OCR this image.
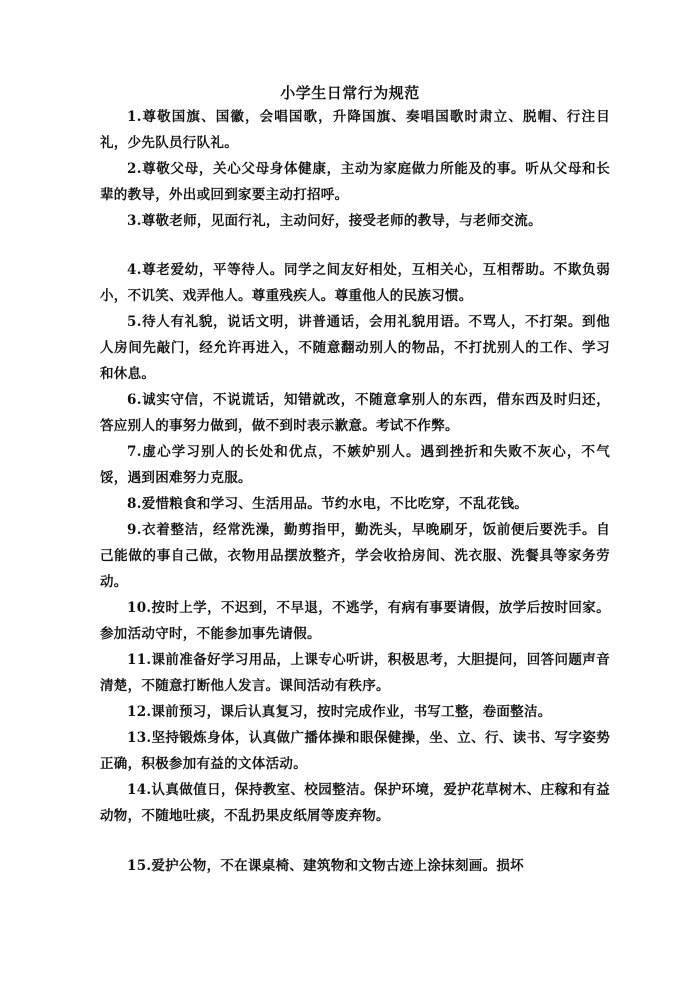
小学生日常行为规范

1.尊敬国旗、国徽，会唱国歌，升降国旗、奏唱国歌时肃立、脱帽、行注目礼，少先队员行队礼。

2.尊敬父母，关心父母身体健康，主动为家庭做力所能及的事。听从父母和长辈的教导，外出或回到家要主动打招呼。

3.尊敬老师，见面行礼，主动问好，接受老师的教导，与老师交流。

4.尊老爱幼，平等待人。同学之间友好相处，互相关心，互相帮助。不欺负弱小，不讥笑、戏弄他人。尊重残疾人。尊重他人的民族习惯。

5.待人有礼貌，说话文明，讲普通话，会用礼貌用语。不骂人，不打架。到他人房间先敲门，经允许再进入，不随意翻动别人的物品，不打扰别人的工作、学习和休息。

6.诚实守信，不说谎话，知错就改，不随意拿别人的东西，借东西及时归还，答应别人的事努力做到，做不到时表示歉意。考试不作弊。

7.虚心学习别人的长处和优点，不嫉妒别人。遇到挫折和失败不灰心，不气馁，遇到困难努力克服。

8.爱惜粮食和学习、生活用品。节约水电，不比吃穿，不乱花钱。

9.衣着整洁，经常洗澡，勤剪指甲，勤洗头，早晚刷牙，饭前便后要洗手。自己能做的事自己做，衣物用品摆放整齐，学会收拾房间、洗衣服、洗餐具等家务劳动。

10.按时上学，不迟到，不早退，不逃学，有病有事要请假，放学后按时回家。参加活动守时，不能参加事先请假。

11.课前准备好学习用品，上课专心听讲，积极思考，大胆提问，回答问题声音清楚，不随意打断他人发言。课间活动有秩序。

12.课前预习，课后认真复习，按时完成作业，书写工整，卷面整洁。

13.坚持锻炼身体，认真做广播体操和眼保健操，坐、立、行、读书、写字姿势正确，积极参加有益的文体活动。

14.认真做值日，保持教室、校园整洁。保护环境，爱护花草树木、庄稼和有益动物，不随地吐痰，不乱扔果皮纸屑等废弃物。

15.爱护公物，不在课桌椅、建筑物和文物古迹上涂抹刻画。损坏
